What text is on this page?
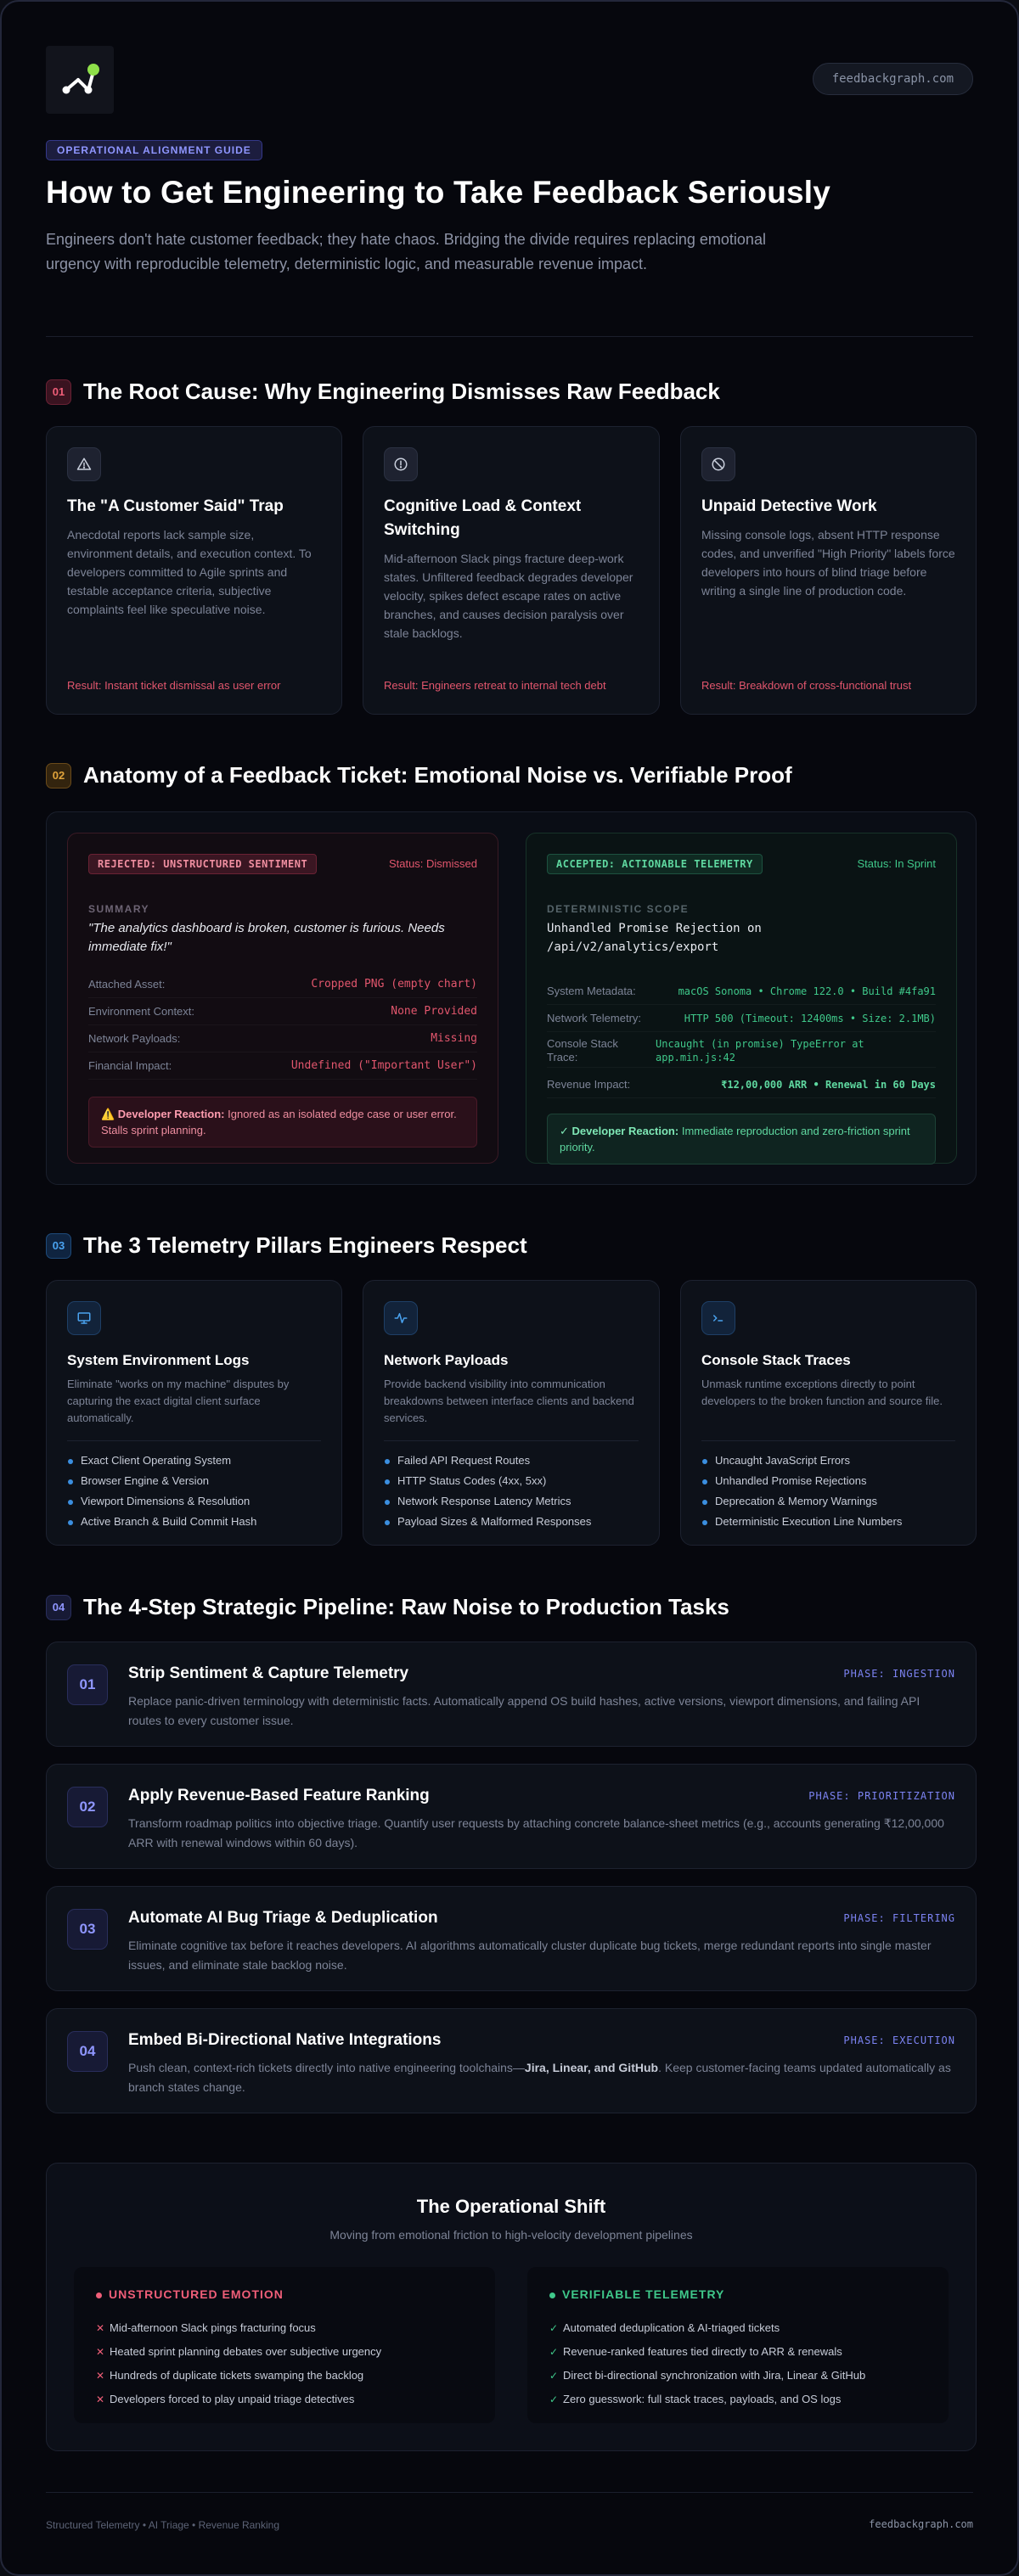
feedbackgraph.com
OPERATIONAL ALIGNMENT GUIDE
How to Get Engineering to Take Feedback Seriously

Engineers don't hate customer feedback; they hate chaos. Bridging the divide requires replacing emotional urgency with reproducible telemetry, deterministic logic, and measurable revenue impact.

01 The Root Cause: Why Engineering Dismisses Raw Feedback
The "A Customer Said" Trap

Anecdotal reports lack sample size, environment details, and execution context. To developers committed to Agile sprints and testable acceptance criteria, subjective complaints feel like speculative noise.

Result: Instant ticket dismissal as user error
Cognitive Load & Context Switching

Mid-afternoon Slack pings fracture deep-work states. Unfiltered feedback degrades developer velocity, spikes defect escape rates on active branches, and causes decision paralysis over stale backlogs.

Result: Engineers retreat to internal tech debt
Unpaid Detective Work

Missing console logs, absent HTTP response codes, and unverified "High Priority" labels force developers into hours of blind triage before writing a single line of production code.

Result: Breakdown of cross-functional trust
02 Anatomy of a Feedback Ticket: Emotional Noise vs. Verifiable Proof
REJECTED: UNSTRUCTURED SENTIMENT	Status: Dismissed
SUMMARY
"The analytics dashboard is broken, customer is furious. Needs immediate fix!"
Attached Asset:	Cropped PNG (empty chart)
Environment Context:	None Provided
Network Payloads:	Missing
Financial Impact:	Undefined ("Important User")
⚠️ Developer Reaction: Ignored as an isolated edge case or user error. Stalls sprint planning.
ACCEPTED: ACTIONABLE TELEMETRY	Status: In Sprint
DETERMINISTIC SCOPE
Unhandled Promise Rejection on /api/v2/analytics/export
System Metadata:	macOS Sonoma • Chrome 122.0 • Build #4fa91
Network Telemetry:	HTTP 500 (Timeout: 12400ms • Size: 2.1MB)
Console Stack Trace:
Uncaught (in promise) TypeError at app.min.js:42
Revenue Impact:	₹12,00,000 ARR • Renewal in 60 Days
✓ Developer Reaction: Immediate reproduction and zero-friction sprint priority.
03 The 3 Telemetry Pillars Engineers Respect
System Environment Logs

Eliminate "works on my machine" disputes by capturing the exact digital client surface automatically.

Exact Client Operating System
Browser Engine & Version
Viewport Dimensions & Resolution
Active Branch & Build Commit Hash
Network Payloads

Provide backend visibility into communication breakdowns between interface clients and backend services.

Failed API Request Routes
HTTP Status Codes (4xx, 5xx)
Network Response Latency Metrics
Payload Sizes & Malformed Responses
Console Stack Traces

Unmask runtime exceptions directly to point developers to the broken function and source file.

Uncaught JavaScript Errors
Unhandled Promise Rejections
Deprecation & Memory Warnings
Deterministic Execution Line Numbers
04 The 4-Step Strategic Pipeline: Raw Noise to Production Tasks
01
Strip Sentiment & Capture Telemetry	PHASE: INGESTION
Replace panic-driven terminology with deterministic facts. Automatically append OS build hashes, active versions, viewport dimensions, and failing API routes to every customer issue.
02
Apply Revenue-Based Feature Ranking	PHASE: PRIORITIZATION
Transform roadmap politics into objective triage. Quantify user requests by attaching concrete balance-sheet metrics (e.g., accounts generating ₹12,00,000 ARR with renewal windows within 60 days).
03
Automate AI Bug Triage & Deduplication	PHASE: FILTERING
Eliminate cognitive tax before it reaches developers. AI algorithms automatically cluster duplicate bug tickets, merge redundant reports into single master issues, and eliminate stale backlog noise.
04
Embed Bi-Directional Native Integrations	PHASE: EXECUTION
Push clean, context-rich tickets directly into native engineering toolchains—Jira, Linear, and GitHub. Keep customer-facing teams updated automatically as branch states change.
The Operational Shift
Moving from emotional friction to high-velocity development pipelines
UNSTRUCTURED EMOTION
✕ Mid-afternoon Slack pings fracturing focus
✕ Heated sprint planning debates over subjective urgency
✕ Hundreds of duplicate tickets swamping the backlog
✕ Developers forced to play unpaid triage detectives
VERIFIABLE TELEMETRY
✓ Automated deduplication & AI-triaged tickets
✓ Revenue-ranked features tied directly to ARR & renewals
✓ Direct bi-directional synchronization with Jira, Linear & GitHub
✓ Zero guesswork: full stack traces, payloads, and OS logs
Structured Telemetry • AI Triage • Revenue Ranking	feedbackgraph.com
